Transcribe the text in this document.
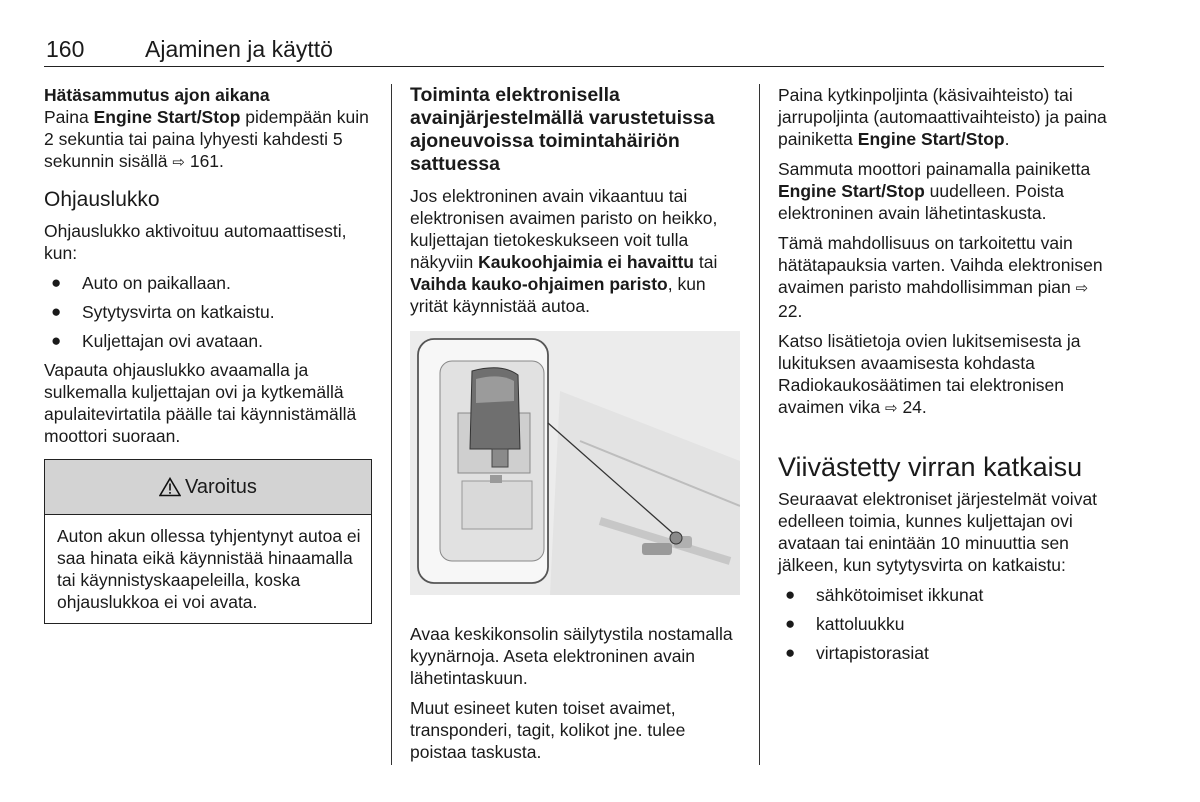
160	Ajaminen ja käyttö
Hätäsammutus ajon aikana

Paina Engine Start/Stop pidempään kuin 2 sekuntia tai paina lyhyesti kahdesti 5 sekunnin sisällä ⇨ 161.

Ohjauslukko

Ohjauslukko aktivoituu automaattisesti, kun:

● Auto on paikallaan.
● Sytytysvirta on katkaistu.
● Kuljettajan ovi avataan.

Vapauta ohjauslukko avaamalla ja sulkemalla kuljettajan ovi ja kytkemällä apulaitevirtatila päälle tai käynnistämällä moottori suoraan.

Varoitus
Auton akun ollessa tyhjentynyt autoa ei saa hinata eikä käynnistää hinaamalla tai käynnistyskaapeleilla, koska ohjauslukkoa ei voi avata.
Toiminta elektronisella avainjärjestelmällä varustetuissa ajoneuvoissa toimintahäiriön sattuessa

Jos elektroninen avain vikaantuu tai elektronisen avaimen paristo on heikko, kuljettajan tietokeskukseen voit tulla näkyviin Kaukoohjaimia ei havaittu tai Vaihda kauko-ohjaimen paristo, kun yrität käynnistää autoa.

Avaa keskikonsolin säilytystila nostamalla kyynärnoja. Aseta elektroninen avain lähetintaskuun.

Muut esineet kuten toiset avaimet, transponderi, tagit, kolikot jne. tulee poistaa taskusta.

Paina kytkinpoljinta (käsivaihteisto) tai jarrupoljinta (automaattivaihteisto) ja paina painiketta Engine Start/Stop.

Sammuta moottori painamalla painiketta Engine Start/Stop uudelleen. Poista elektroninen avain lähetintaskusta.

Tämä mahdollisuus on tarkoitettu vain hätätapauksia varten. Vaihda elektronisen avaimen paristo mahdollisimman pian ⇨ 22.

Katso lisätietoja ovien lukitsemisesta ja lukituksen avaamisesta kohdasta Radiokaukosäätimen tai elektronisen avaimen vika ⇨ 24.

Viivästetty virran katkaisu

Seuraavat elektroniset järjestelmät voivat edelleen toimia, kunnes kuljettajan ovi avataan tai enintään 10 minuuttia sen jälkeen, kun sytytysvirta on katkaistu:

● sähkötoimiset ikkunat
● kattoluukku
● virtapistorasiat
